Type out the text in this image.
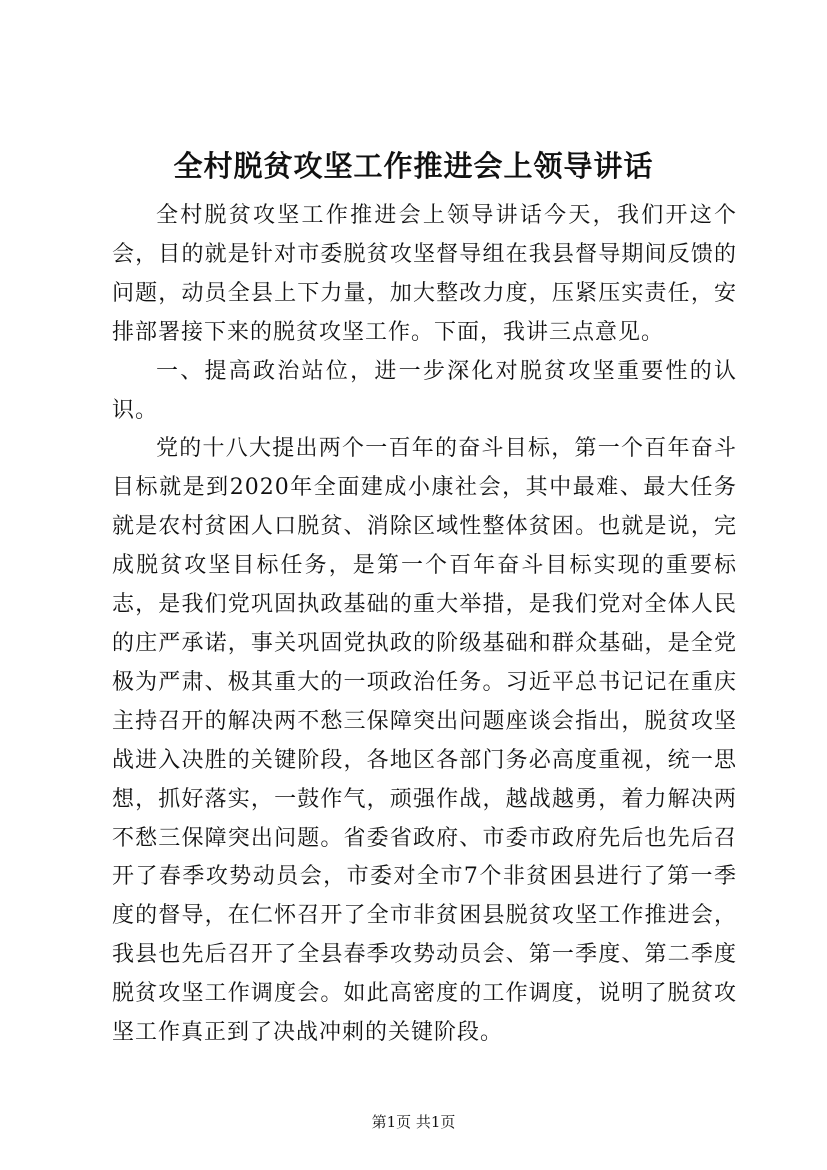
全村脱贫攻坚工作推进会上领导讲话

全村脱贫攻坚工作推进会上领导讲话今天，我们开这个会，目的就是针对市委脱贫攻坚督导组在我县督导期间反馈的问题，动员全县上下力量，加大整改力度，压紧压实责任，安排部署接下来的脱贫攻坚工作。下面，我讲三点意见。

一、提高政治站位，进一步深化对脱贫攻坚重要性的认识。

党的十八大提出两个一百年的奋斗目标，第一个百年奋斗目标就是到2020年全面建成小康社会，其中最难、最大任务就是农村贫困人口脱贫、消除区域性整体贫困。也就是说，完成脱贫攻坚目标任务，是第一个百年奋斗目标实现的重要标志，是我们党巩固执政基础的重大举措，是我们党对全体人民的庄严承诺，事关巩固党执政的阶级基础和群众基础，是全党极为严肃、极其重大的一项政治任务。习近平总书记记在重庆主持召开的解决两不愁三保障突出问题座谈会指出，脱贫攻坚战进入决胜的关键阶段，各地区各部门务必高度重视，统一思想，抓好落实，一鼓作气，顽强作战，越战越勇，着力解决两不愁三保障突出问题。省委省政府、市委市政府先后也先后召开了春季攻势动员会，市委对全市7个非贫困县进行了第一季度的督导，在仁怀召开了全市非贫困县脱贫攻坚工作推进会，我县也先后召开了全县春季攻势动员会、第一季度、第二季度脱贫攻坚工作调度会。如此高密度的工作调度，说明了脱贫攻坚工作真正到了决战冲刺的关键阶段。

第1页 共1页
